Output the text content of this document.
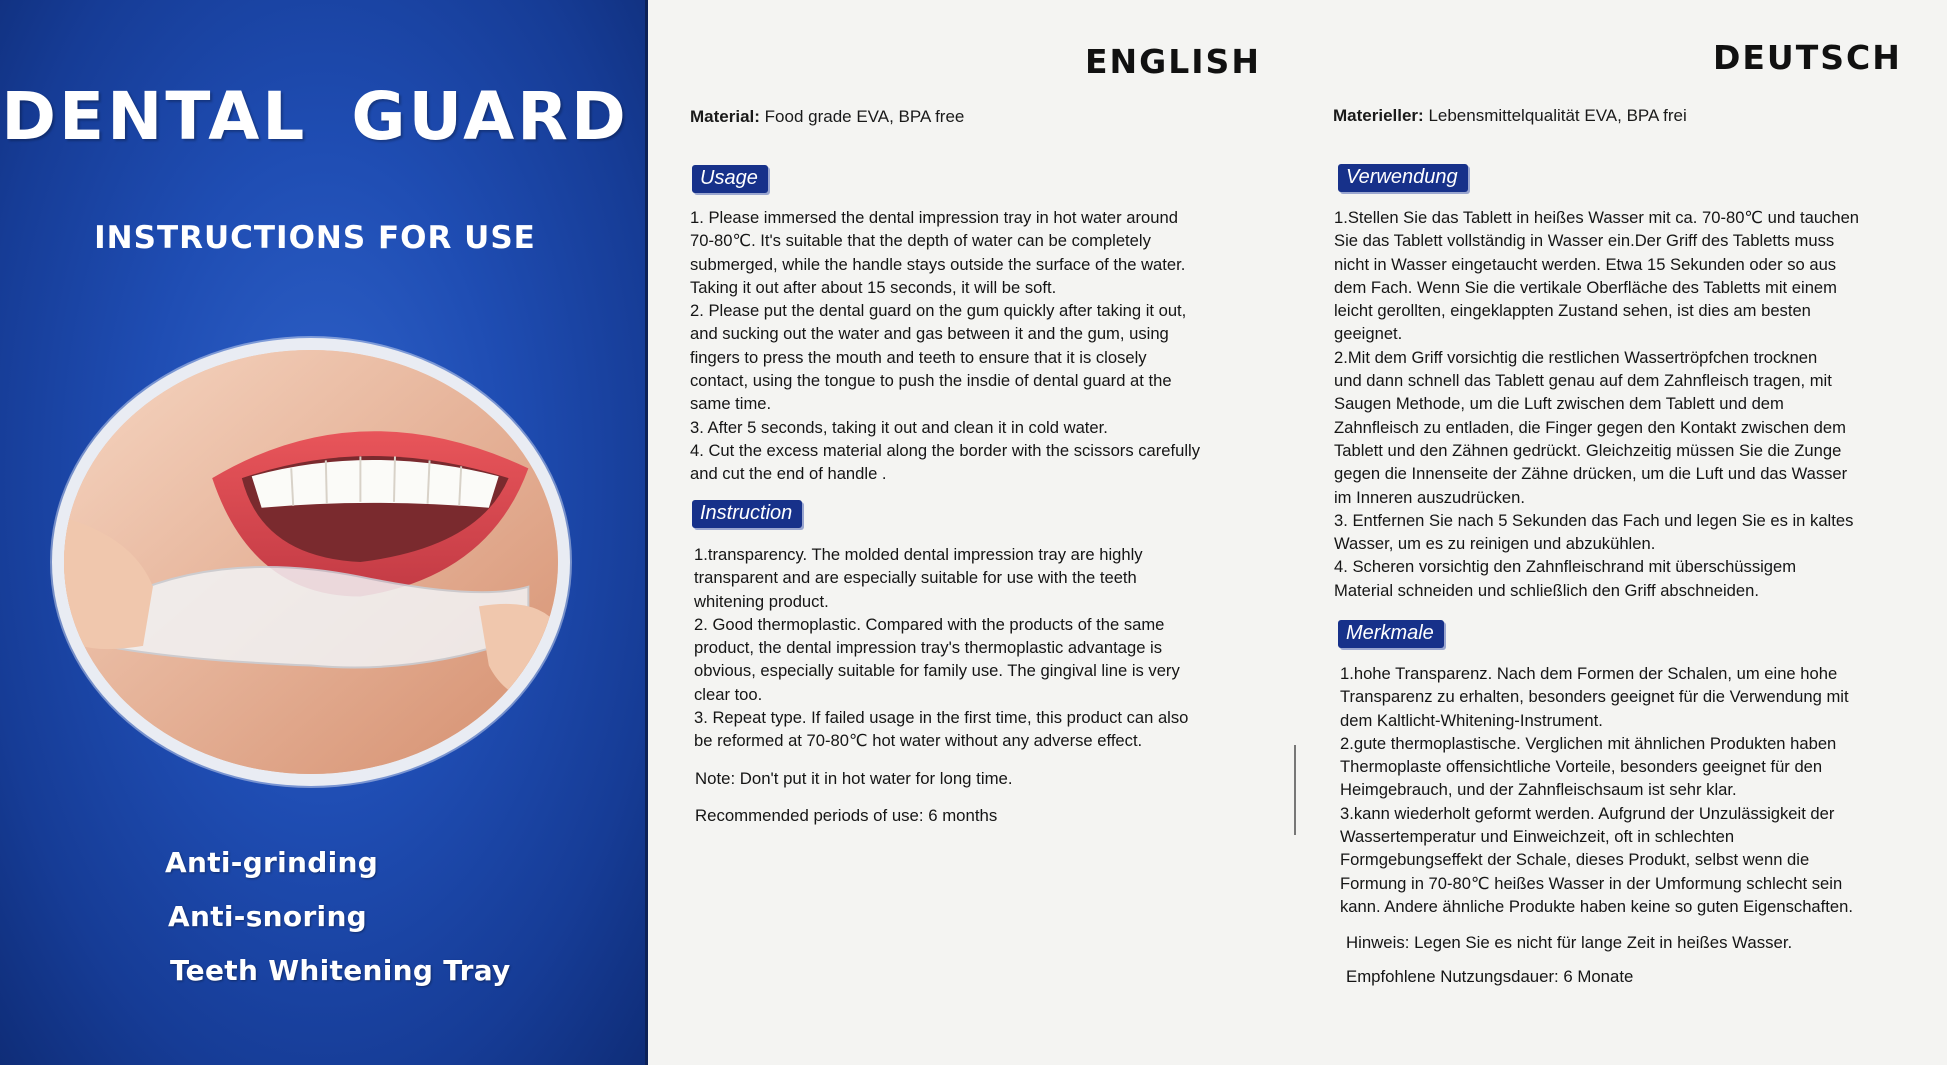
DENTAL GUARD
INSTRUCTIONS FOR USE
Anti-grinding
Anti-snoring
Teeth Whitening Tray
ENGLISH
Material: Food grade EVA, BPA free
Usage

1. Please immersed the dental impression tray in hot water around

70-80℃. It's suitable that the depth of water can be completely

submerged, while the handle stays outside the surface of the water.

Taking it out after about 15 seconds, it will be soft.

2. Please put the dental guard on the gum quickly after taking it out,

and sucking out the water and gas between it and the gum, using

fingers to press the mouth and teeth to ensure that it is closely

contact, using the tongue to push the insdie of dental guard at the

same time.

3. After 5 seconds, taking it out and clean it in cold water.

4. Cut the excess material along the border with the scissors carefully

and cut the end of handle .

Instruction

1.transparency. The molded dental impression tray are highly

transparent and are especially suitable for use with the teeth

whitening product.

2. Good thermoplastic. Compared with the products of the same

product, the dental impression tray's thermoplastic advantage is

obvious, especially suitable for family use. The gingival line is very

clear too.

3. Repeat type. If failed usage in the first time, this product can also

be reformed at 70-80℃ hot water without any adverse effect.

Note: Don't put it in hot water for long time.
Recommended periods of use: 6 months
DEUTSCH
Materieller: Lebensmittelqualität EVA, BPA frei
Verwendung

1.Stellen Sie das Tablett in heißes Wasser mit ca. 70-80℃ und tauchen

Sie das Tablett vollständig in Wasser ein.Der Griff des Tabletts muss

nicht in Wasser eingetaucht werden. Etwa 15 Sekunden oder so aus

dem Fach. Wenn Sie die vertikale Oberfläche des Tabletts mit einem

leicht gerollten, eingeklappten Zustand sehen, ist dies am besten

geeignet.

2.Mit dem Griff vorsichtig die restlichen Wassertröpfchen trocknen

und dann schnell das Tablett genau auf dem Zahnfleisch tragen, mit

Saugen Methode, um die Luft zwischen dem Tablett und dem

Zahnfleisch zu entladen, die Finger gegen den Kontakt zwischen dem

Tablett und den Zähnen gedrückt. Gleichzeitig müssen Sie die Zunge

gegen die Innenseite der Zähne drücken, um die Luft und das Wasser

im Inneren auszudrücken.

3. Entfernen Sie nach 5 Sekunden das Fach und legen Sie es in kaltes

Wasser, um es zu reinigen und abzukühlen.

4. Scheren vorsichtig den Zahnfleischrand mit überschüssigem

Material schneiden und schließlich den Griff abschneiden.

Merkmale

1.hohe Transparenz. Nach dem Formen der Schalen, um eine hohe

Transparenz zu erhalten, besonders geeignet für die Verwendung mit

dem Kaltlicht-Whitening-Instrument.

2.gute thermoplastische. Verglichen mit ähnlichen Produkten haben

Thermoplaste offensichtliche Vorteile, besonders geeignet für den

Heimgebrauch, und der Zahnfleischsaum ist sehr klar.

3.kann wiederholt geformt werden. Aufgrund der Unzulässigkeit der

Wassertemperatur und Einweichzeit, oft in schlechten

Formgebungseffekt der Schale, dieses Produkt, selbst wenn die

Formung in 70-80℃ heißes Wasser in der Umformung schlecht sein

kann. Andere ähnliche Produkte haben keine so guten Eigenschaften.

Hinweis: Legen Sie es nicht für lange Zeit in heißes Wasser.
Empfohlene Nutzungsdauer: 6 Monate
